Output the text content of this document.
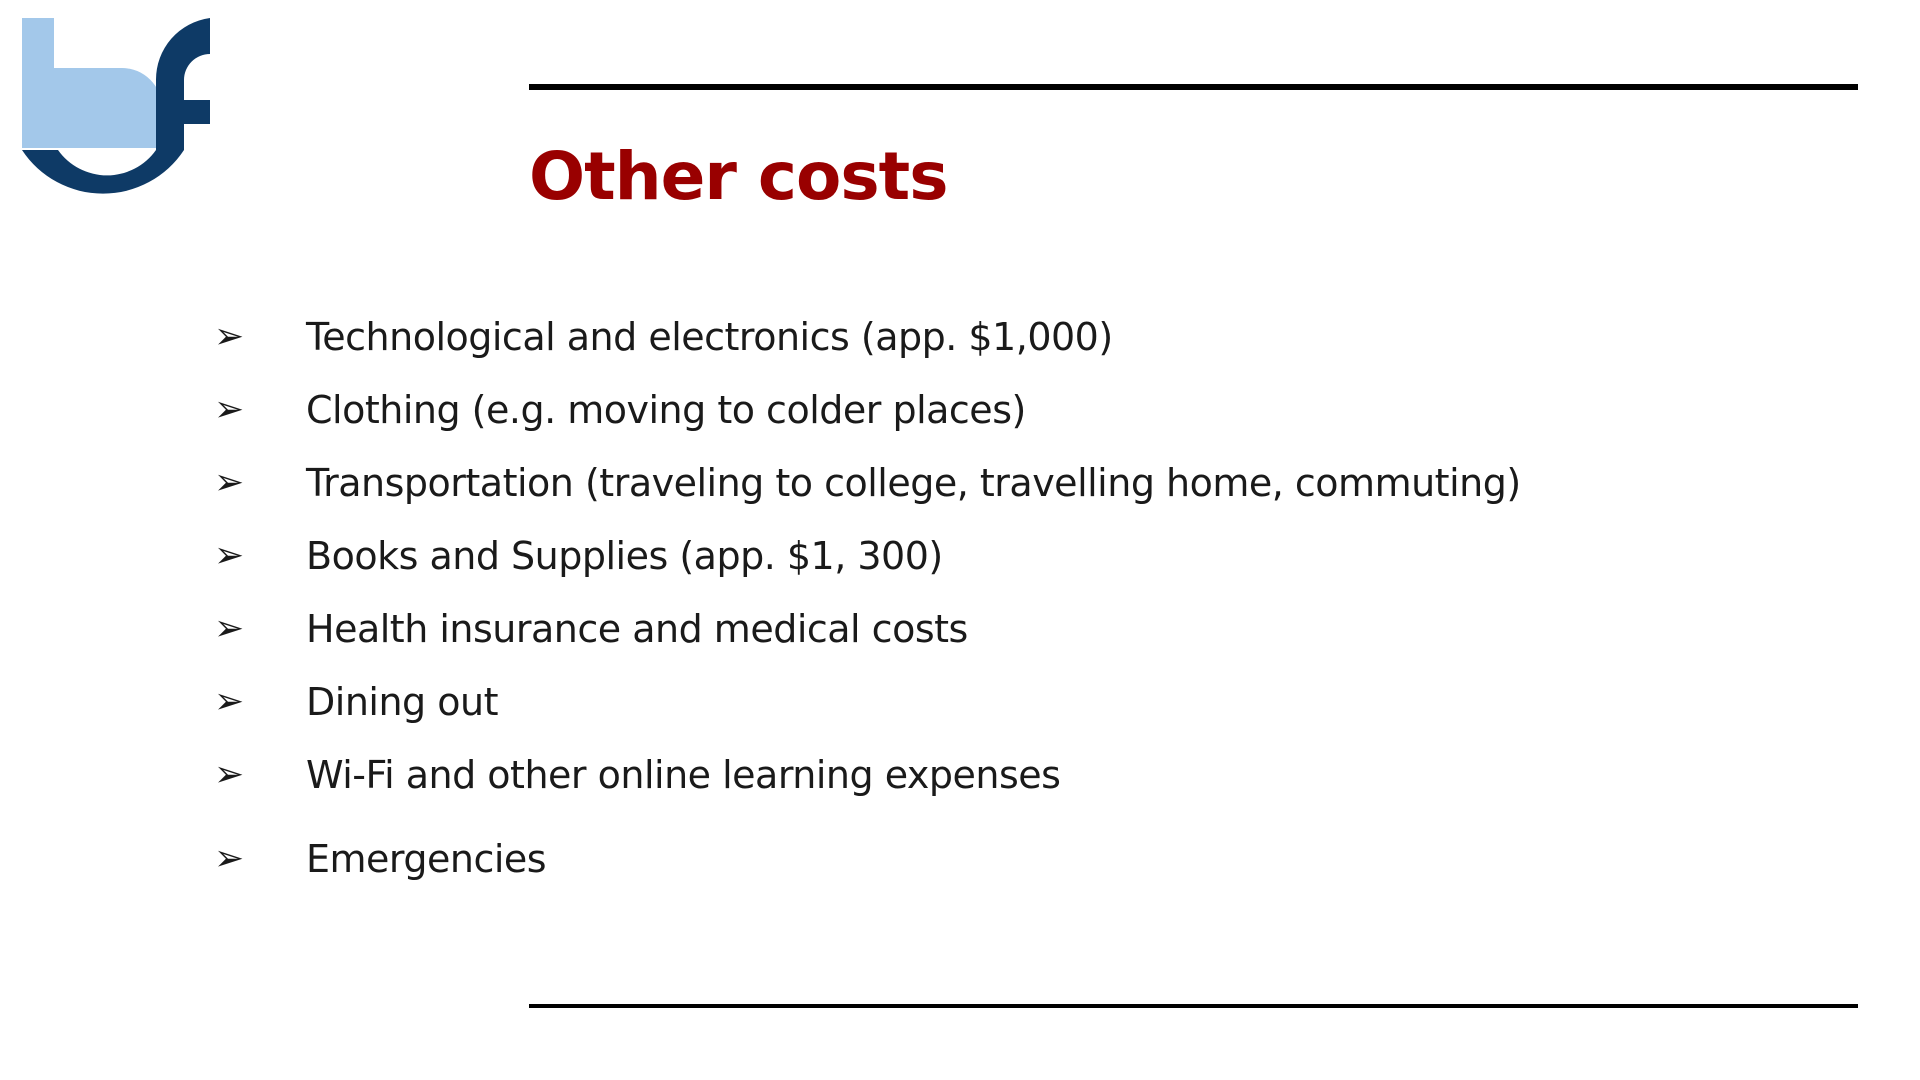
Other costs
➢	Technological and electronics (app. $1,000)
➢	Clothing (e.g. moving to colder places)
➢	Transportation (traveling to college, travelling home, commuting)
➢	Books and Supplies (app. $1, 300)
➢	Health insurance and medical costs
➢	Dining out
➢	Wi-Fi and other online learning expenses
➢	Emergencies
